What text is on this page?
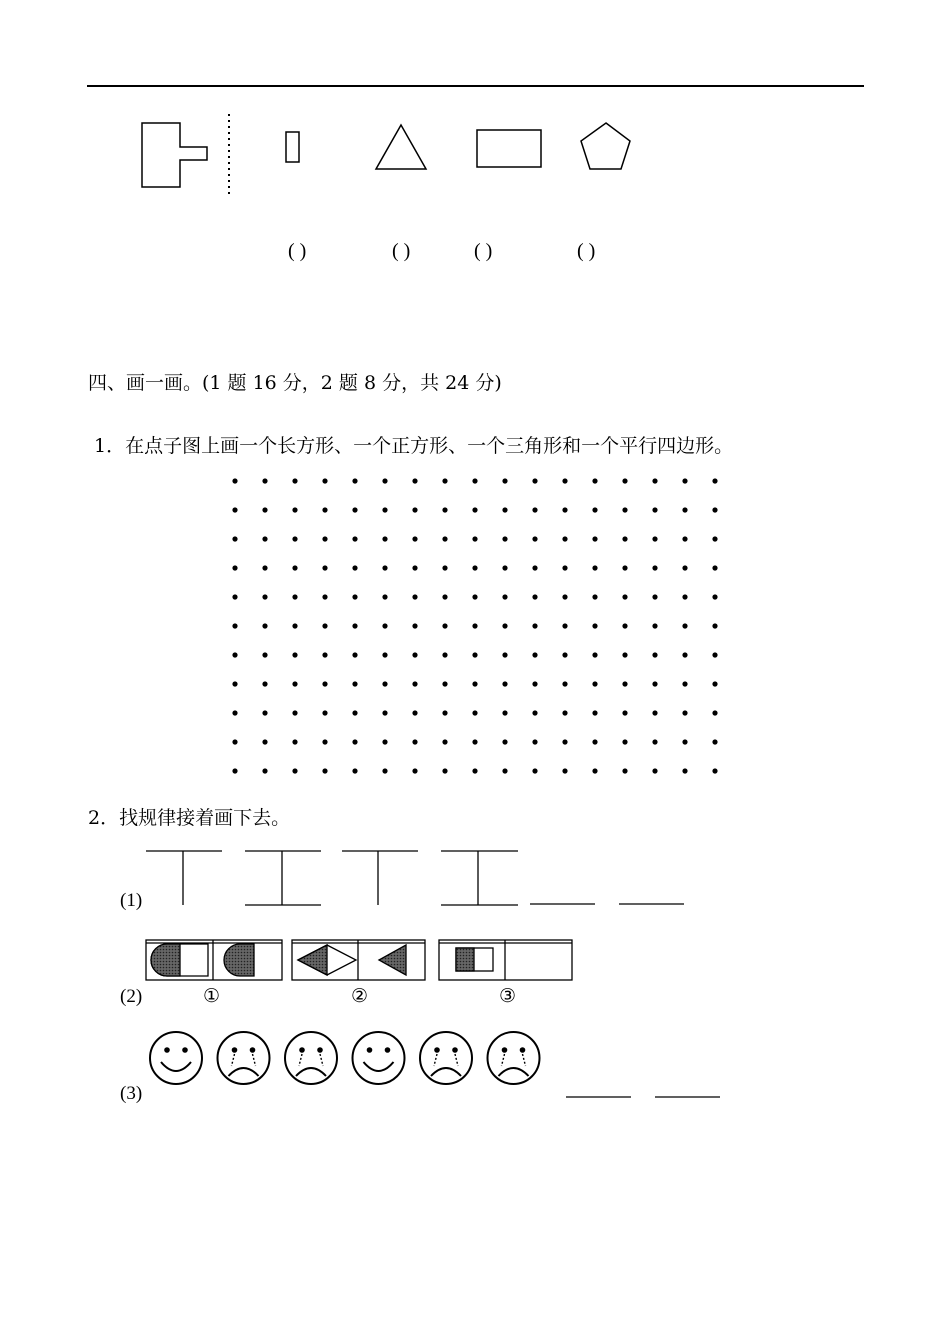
( )	( )	( )	( )
四、画一画。(1 题 16 分，2 题 8 分，共 24 分)
1．在点子图上画一个长方形、一个正方形、一个三角形和一个平行四边形。
2．找规律接着画下去。
(1)
(2)
(3)
①	②	③
